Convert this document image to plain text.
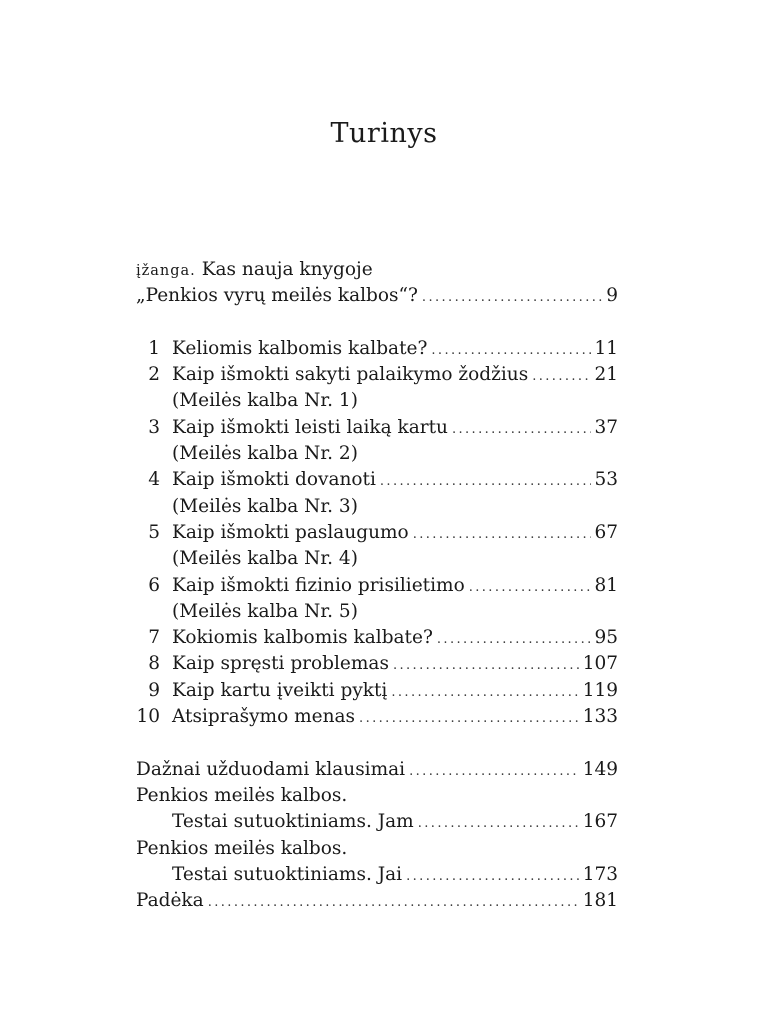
Turinys
įžanga. Kas nauja knygoje
„Penkios vyrų meilės kalbos“? .....	9
1 Keliomis kalbomis kalbate? .....	11
2 Kaip išmokti sakyti palaikymo žodžius .....	21
(Meilės kalba Nr. 1)
3 Kaip išmokti leisti laiką kartu .....	37
(Meilės kalba Nr. 2)
4 Kaip išmokti dovanoti .....	53
(Meilės kalba Nr. 3)
5 Kaip išmokti paslaugumo .....	67
(Meilės kalba Nr. 4)
6 Kaip išmokti fizinio prisilietimo .....	81
(Meilės kalba Nr. 5)
7 Kokiomis kalbomis kalbate? .....	95
8 Kaip spręsti problemas .....	107
9 Kaip kartu įveikti pyktį .....	119
10 Atsiprašymo menas .....	133
Dažnai užduodami klausimai .....	149
Penkios meilės kalbos.
Testai sutuoktiniams. Jam .....	167
Penkios meilės kalbos.
Testai sutuoktiniams. Jai .....	173
Padėka .....	181
